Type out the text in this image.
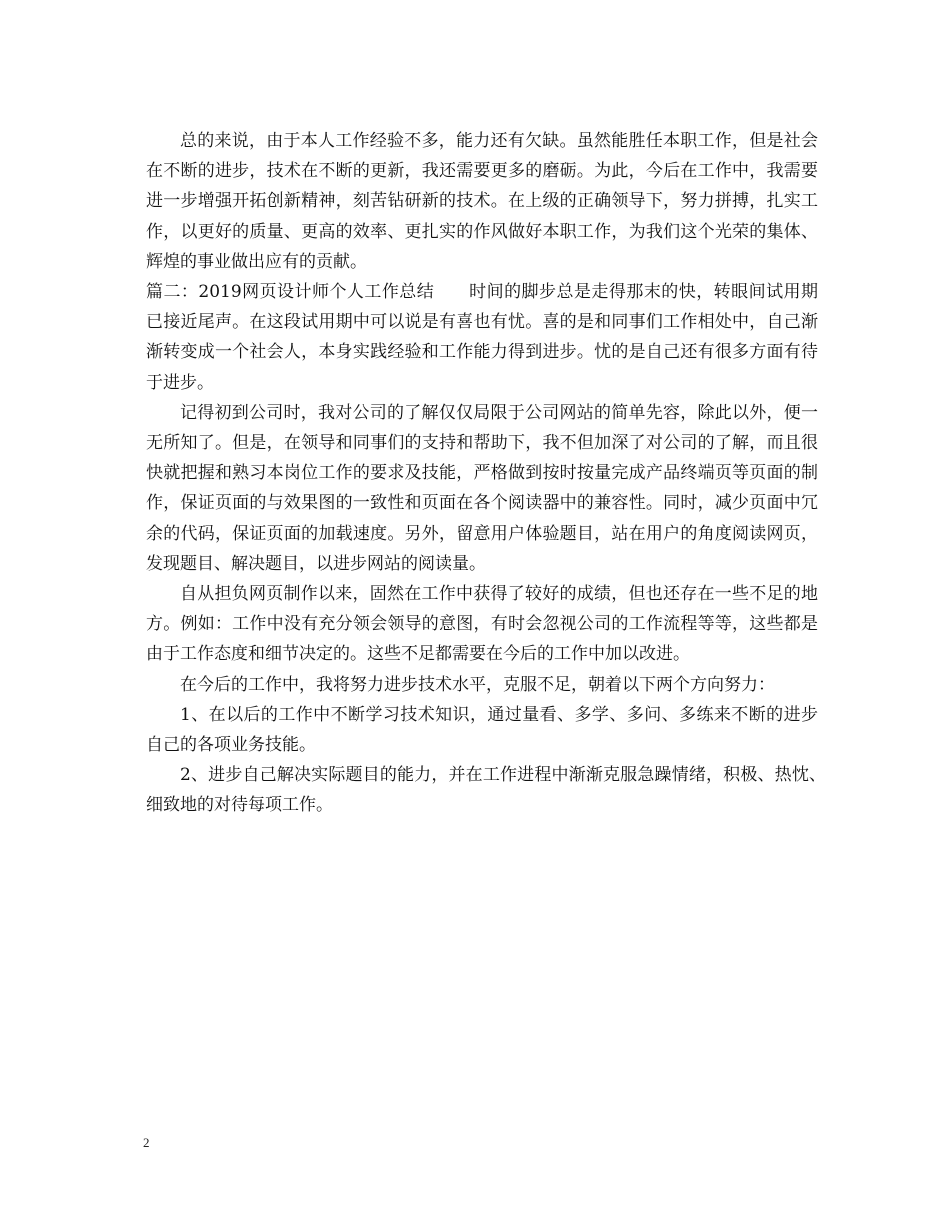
总的来说，由于本人工作经验不多，能力还有欠缺。虽然能胜任本职工作，但是社会在不断的进步，技术在不断的更新，我还需要更多的磨砺。为此，今后在工作中，我需要进一步增强开拓创新精神，刻苦钻研新的技术。在上级的正确领导下，努力拼搏，扎实工作，以更好的质量、更高的效率、更扎实的作风做好本职工作，为我们这个光荣的集体、辉煌的事业做出应有的贡献。

篇二：2019网页设计师个人工作总结　　时间的脚步总是走得那末的快，转眼间试用期已接近尾声。在这段试用期中可以说是有喜也有忧。喜的是和同事们工作相处中，自己渐渐转变成一个社会人，本身实践经验和工作能力得到进步。忧的是自己还有很多方面有待于进步。

记得初到公司时，我对公司的了解仅仅局限于公司网站的简单先容，除此以外，便一无所知了。但是，在领导和同事们的支持和帮助下，我不但加深了对公司的了解，而且很快就把握和熟习本岗位工作的要求及技能，严格做到按时按量完成产品终端页等页面的制作，保证页面的与效果图的一致性和页面在各个阅读器中的兼容性。同时，减少页面中冗余的代码，保证页面的加载速度。另外，留意用户体验题目，站在用户的角度阅读网页，发现题目、解决题目，以进步网站的阅读量。

自从担负网页制作以来，固然在工作中获得了较好的成绩，但也还存在一些不足的地方。例如：工作中没有充分领会领导的意图，有时会忽视公司的工作流程等等，这些都是由于工作态度和细节决定的。这些不足都需要在今后的工作中加以改进。

在今后的工作中，我将努力进步技术水平，克服不足，朝着以下两个方向努力：

1、在以后的工作中不断学习技术知识，通过量看、多学、多问、多练来不断的进步自己的各项业务技能。

2、进步自己解决实际题目的能力，并在工作进程中渐渐克服急躁情绪，积极、热忱、细致地的对待每项工作。

2
